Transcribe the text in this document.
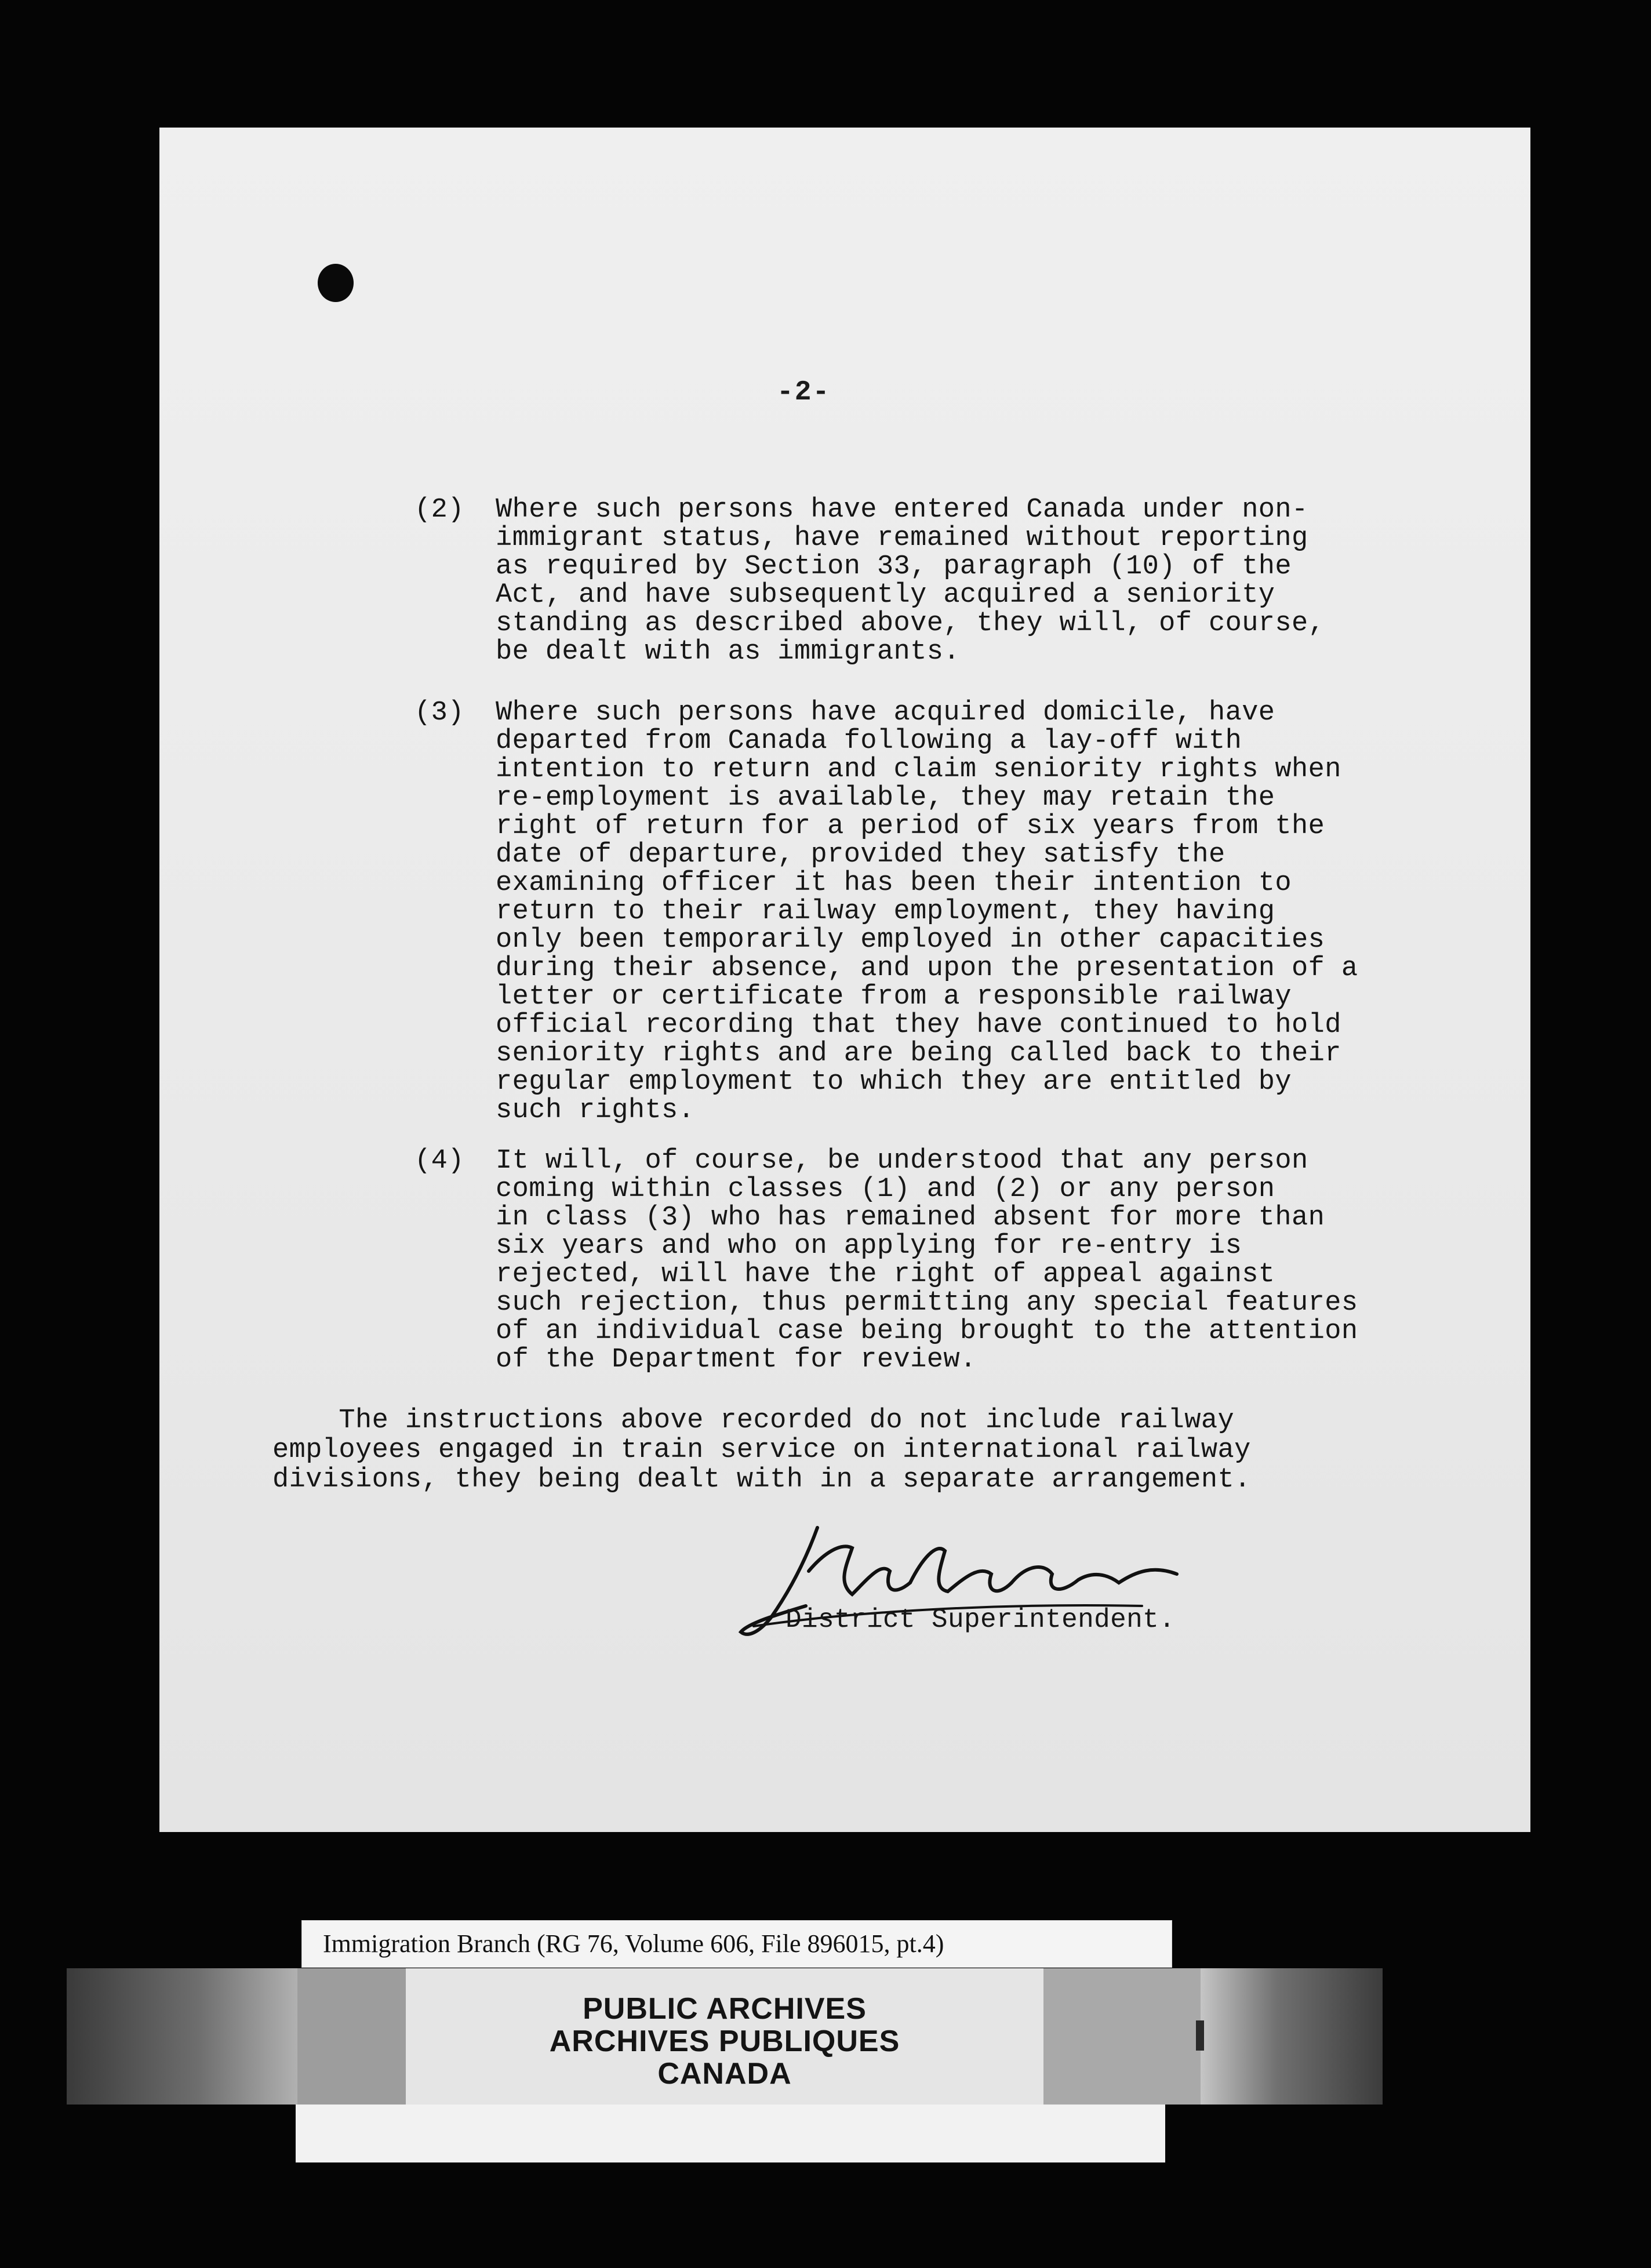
-2-
(2) Where such persons have entered Canada under non-
immigrant status, have remained without reporting
as required by Section 33, paragraph (10) of the
Act, and have subsequently acquired a seniority
standing as described above, they will, of course,
be dealt with as immigrants.
(3) Where such persons have acquired domicile, have
departed from Canada following a lay-off with
intention to return and claim seniority rights when
re-employment is available, they may retain the
right of return for a period of six years from the
date of departure, provided they satisfy the
examining officer it has been their intention to
return to their railway employment, they having
only been temporarily employed in other capacities
during their absence, and upon the presentation of a
letter or certificate from a responsible railway
official recording that they have continued to hold
seniority rights and are being called back to their
regular employment to which they are entitled by
such rights.
(4) It will, of course, be understood that any person
coming within classes (1) and (2) or any person
in class (3) who has remained absent for more than
six years and who on applying for re-entry is
rejected, will have the right of appeal against
such rejection, thus permitting any special features
of an individual case being brought to the attention
of the Department for review.
The instructions above recorded do not include railway
employees engaged in train service on international railway
divisions, they being dealt with in a separate arrangement.
District Superintendent.
Immigration Branch (RG 76, Volume 606, File 896015, pt.4)
PUBLIC ARCHIVES
ARCHIVES PUBLIQUES
CANADA
